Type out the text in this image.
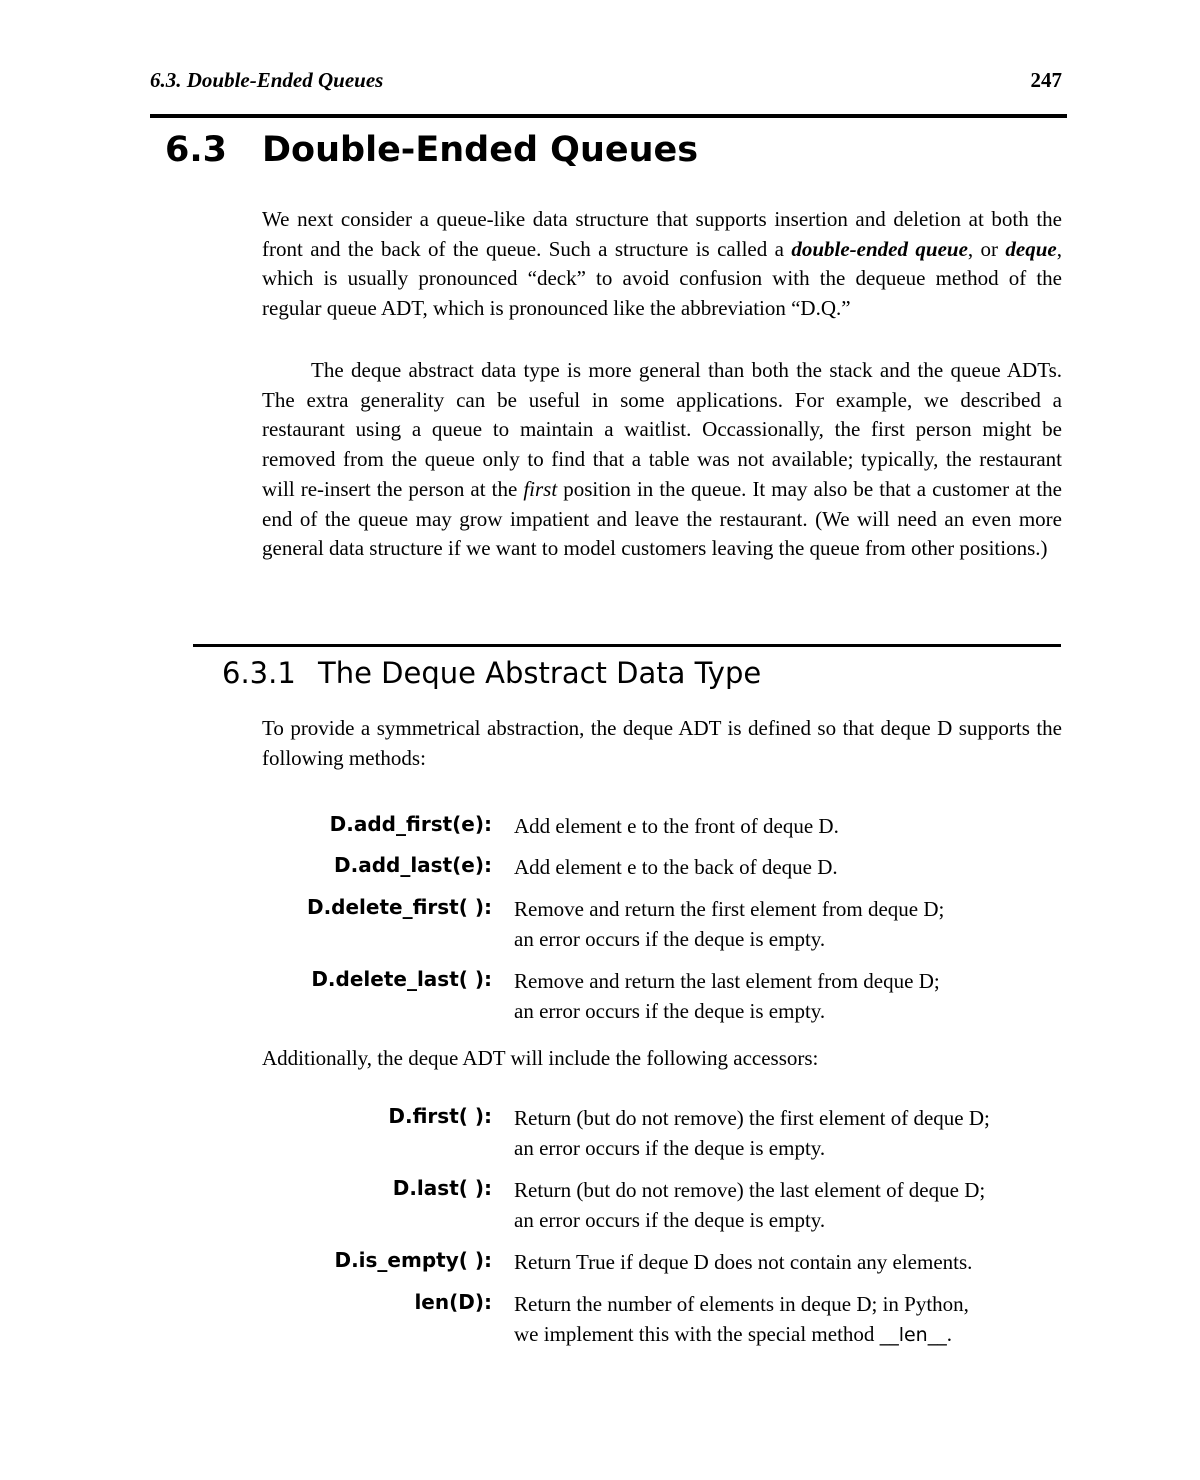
6.3. Double-Ended Queues	247
6.3 Double-Ended Queues

We next consider a queue-like data structure that supports insertion and deletion at both the front and the back of the queue. Such a structure is called a double-ended queue, or deque, which is usually pronounced “deck” to avoid confusion with the dequeue method of the regular queue ADT, which is pronounced like the abbreviation “D.Q.”

The deque abstract data type is more general than both the stack and the queue ADTs. The extra generality can be useful in some applications. For example, we described a restaurant using a queue to maintain a waitlist. Occassionally, the first person might be removed from the queue only to find that a table was not available; typically, the restaurant will re-insert the person at the first position in the queue. It may also be that a customer at the end of the queue may grow impatient and leave the restaurant. (We will need an even more general data structure if we want to model customers leaving the queue from other positions.)

6.3.1 The Deque Abstract Data Type

To provide a symmetrical abstraction, the deque ADT is defined so that deque D supports the following methods:

D.add_first(e): Add element e to the front of deque D.
D.add_last(e): Add element e to the back of deque D.
D.delete_first( ): Remove and return the first element from deque D;
an error occurs if the deque is empty.
D.delete_last( ): Remove and return the last element from deque D;
an error occurs if the deque is empty.

Additionally, the deque ADT will include the following accessors:

D.first( ): Return (but do not remove) the first element of deque D;
an error occurs if the deque is empty.
D.last( ): Return (but do not remove) the last element of deque D;
an error occurs if the deque is empty.
D.is_empty( ): Return True if deque D does not contain any elements.
len(D): Return the number of elements in deque D; in Python,
we implement this with the special method __len__.
